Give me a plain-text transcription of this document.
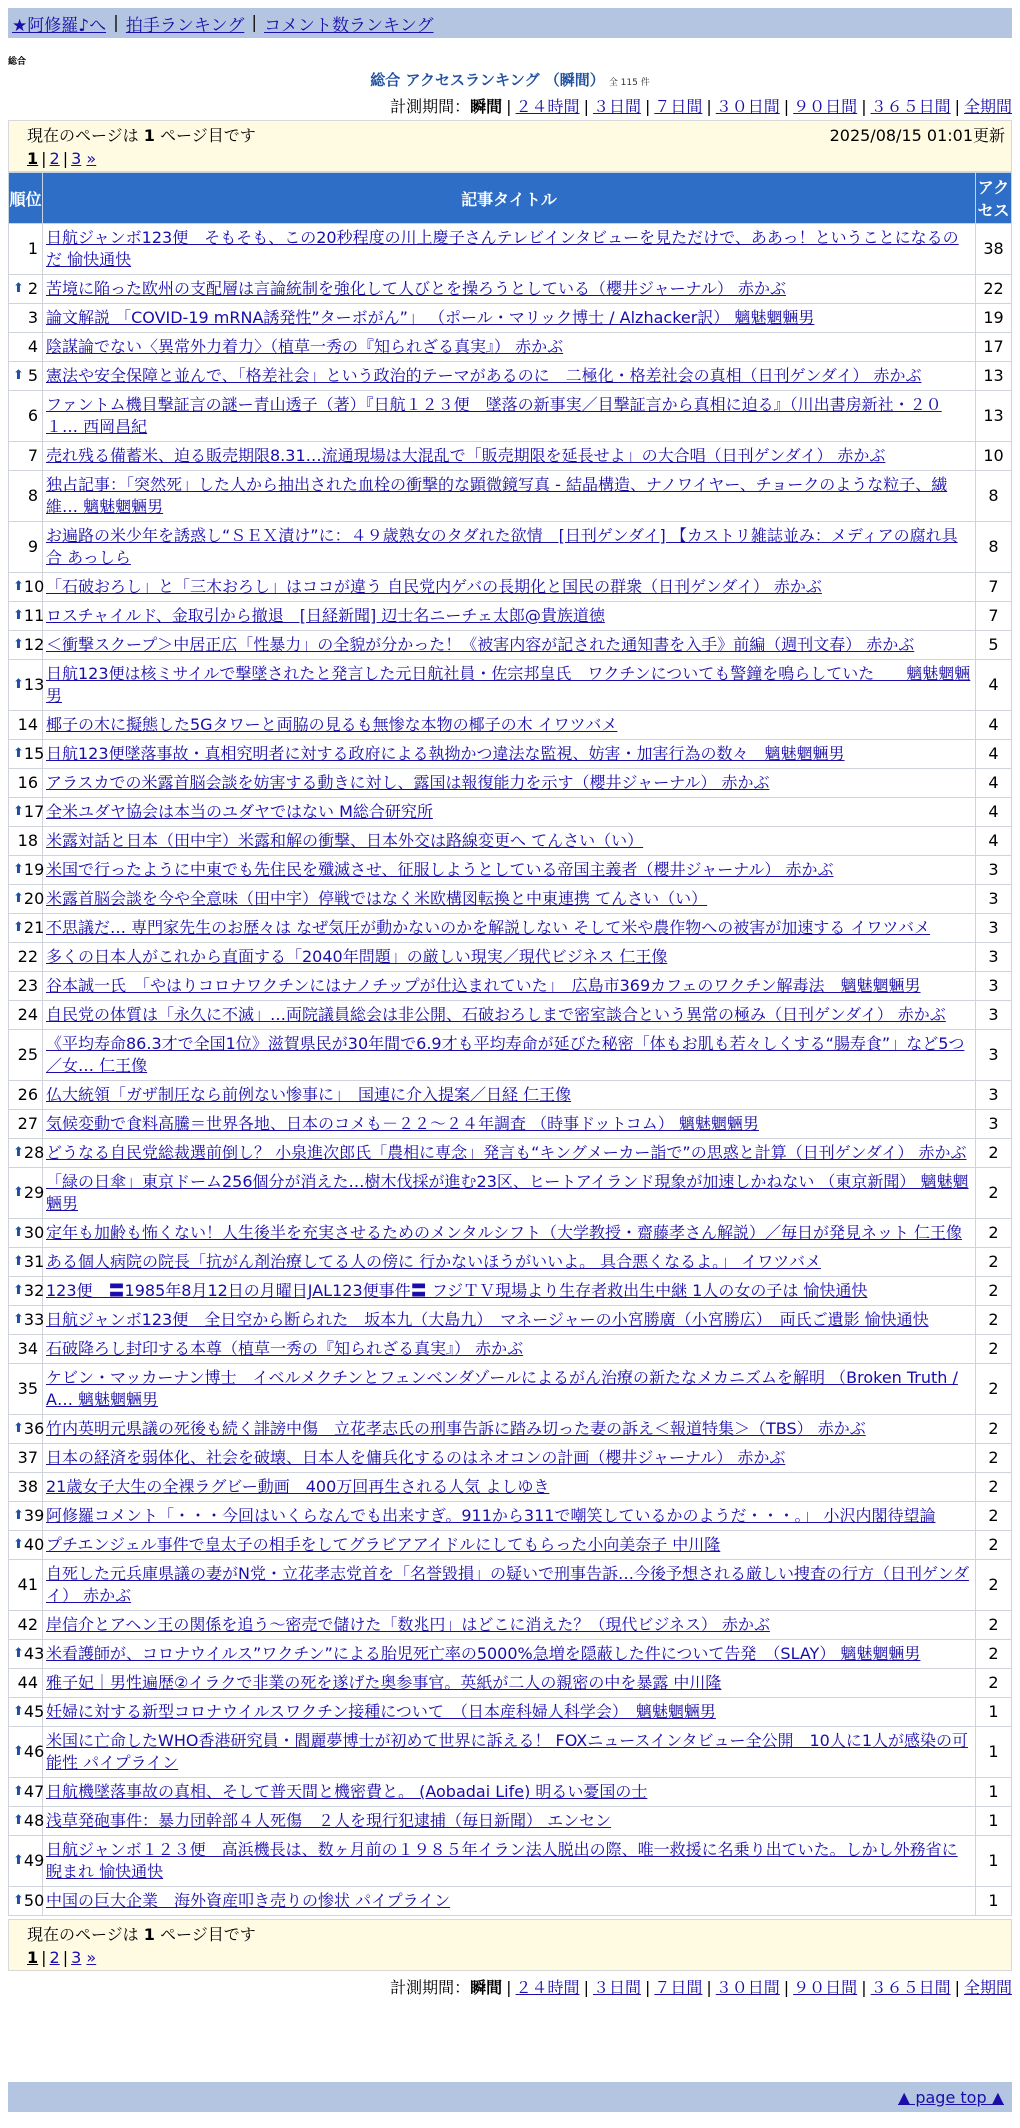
★阿修羅♪へ | 拍手ランキング | コメント数ランキング
総合
総合 アクセスランキング （瞬間） 全 115 件
計測期間：瞬間 | ２４時間 | ３日間 | ７日間 | ３０日間 | ９０日間 | ３６５日間 | 全期間
現在のページは 1 ページ目です	2025/08/15 01:01更新
1 | 2 | 3 »
順位	記事タイトル	アクセス
1	日航ジャンボ123便　そもそも、この20秒程度の川上慶子さんテレビインタビューを見ただけで、ああっ！ということになるのだ 愉快通快	38

⬆ 2	苦境に陥った欧州の支配層は言論統制を強化して人びとを操ろうとしている（櫻井ジャーナル） 赤かぶ	22
3	論文解説 「COVID-19 mRNA誘発性”ターボがん”」 （ポール・マリック博士 / Alzhacker訳） 魑魅魍魎男	19
4	陰謀論でない〈異常外力着力〉（植草一秀の『知られざる真実』） 赤かぶ	17

⬆ 5	憲法や安全保障と並んで、「格差社会」という政治的テーマがあるのに　二極化・格差社会の真相（日刊ゲンダイ） 赤かぶ	13
6	ファントム機目撃証言の謎ー青山透子（著）『日航１２３便　墜落の新事実／目撃証言から真相に迫る』（川出書房新社・２０１… 西岡昌紀	13
7	売れ残る備蓄米、迫る販売期限8.31…流通現場は大混乱で「販売期限を延長せよ」の大合唱（日刊ゲンダイ） 赤かぶ	10
8	独占記事：「突然死」した人から抽出された血栓の衝撃的な顕微鏡写真 - 結晶構造、ナノワイヤー、チョークのような粒子、繊維… 魑魅魍魎男	8
9	お遍路の米少年を誘惑し“ＳＥＸ漬け”に：４９歳熟女のタダれた欲情　[日刊ゲンダイ] 【カストリ雑誌並み：メディアの腐れ具合 あっしら	8

⬆ 10	「石破おろし」と「三木おろし」はココが違う 自民党内ゲバの長期化と国民の群衆（日刊ゲンダイ） 赤かぶ	7

⬆ 11	ロスチャイルド、金取引から撤退　[日経新聞] 辺士名ニーチェ太郎@貴族道徳	7

⬆ 12	＜衝撃スクープ＞中居正広「性暴力」の全貌が分かった！《被害内容が記された通知書を入手》前編（週刊文春） 赤かぶ	5

⬆ 13	日航123便は核ミサイルで撃墜されたと発言した元日航社員・佐宗邦皇氏　ワクチンについても警鐘を鳴らしていた　　魑魅魍魎男	4
14	椰子の木に擬態した5Gタワーと両脇の見るも無惨な本物の椰子の木 イワツバメ	4

⬆ 15	日航123便墜落事故・真相究明者に対する政府による執拗かつ違法な監視、妨害・加害行為の数々　魑魅魍魎男	4
16	アラスカでの米露首脳会談を妨害する動きに対し、露国は報復能力を示す（櫻井ジャーナル） 赤かぶ	4

⬆ 17	全米ユダヤ協会は本当のユダヤではない M総合研究所	4
18	米露対話と日本（田中宇）米露和解の衝撃、日本外交は路線変更へ てんさい（い）	4

⬆ 19	米国で行ったように中東でも先住民を殲滅させ、征服しようとしている帝国主義者（櫻井ジャーナル） 赤かぶ	3

⬆ 20	米露首脳会談を今や全意味（田中宇）停戦ではなく米欧構図転換と中東連携 てんさい（い）	3

⬆ 21	不思議だ… 専門家先生のお歴々は なぜ気圧が動かないのかを解説しない そして米や農作物への被害が加速する イワツバメ	3
22	多くの日本人がこれから直面する「2040年問題」の厳しい現実／現代ビジネス 仁王像	3
23	谷本誠一氏　「やはりコロナワクチンにはナノチップが仕込まれていた」　広島市369カフェのワクチン解毒法　魑魅魍魎男	3
24	自民党の体質は「永久に不滅」…両院議員総会は非公開、石破おろしまで密室談合という異常の極み（日刊ゲンダイ） 赤かぶ	3
25	《平均寿命86.3才で全国1位》滋賀県民が30年間で6.9才も平均寿命が延びた秘密「体もお肌も若々しくする“腸寿食”」など5つ／女… 仁王像	3
26	仏大統領「ガザ制圧なら前例ない惨事に」　国連に介入提案／日経 仁王像	3
27	気候変動で食料高騰＝世界各地、日本のコメも－２２～２４年調査 （時事ドットコム） 魑魅魍魎男	3

⬆ 28	どうなる自民党総裁選前倒し？ 小泉進次郎氏「農相に専念」発言も“キングメーカー詣で”の思惑と計算（日刊ゲンダイ） 赤かぶ	2

⬆ 29	「緑の日傘」東京ドーム256個分が消えた…樹木伐採が進む23区、ヒートアイランド現象が加速しかねない （東京新聞） 魑魅魍魎男	2

⬆ 30	定年も加齢も怖くない！人生後半を充実させるためのメンタルシフト（大学教授・齋藤孝さん解説）／毎日が発見ネット 仁王像	2

⬆ 31	ある個人病院の院長「抗がん剤治療してる人の傍に 行かないほうがいいよ。 具合悪くなるよ。」 イワツバメ	2

⬆ 32	123便　〓1985年8月12日の月曜日JAL123便事件〓 フジＴＶ現場より生存者救出生中継 1人の女の子は 愉快通快	2

⬆ 33	日航ジャンボ123便　全日空から断られた　坂本九（大島九）　マネージャーの小宮勝廣（小宮勝広）　両氏ご遺影 愉快通快	2
34	石破降ろし封印する本尊（植草一秀の『知られざる真実』） 赤かぶ	2
35	ケビン・マッカーナン博士　イベルメクチンとフェンベンダゾールによるがん治療の新たなメカニズムを解明 （Broken Truth / A… 魑魅魍魎男	2

⬆ 36	竹内英明元県議の死後も続く誹謗中傷　立花孝志氏の刑事告訴に踏み切った妻の訴え＜報道特集＞（TBS） 赤かぶ	2
37	日本の経済を弱体化、社会を破壊、日本人を傭兵化するのはネオコンの計画（櫻井ジャーナル） 赤かぶ	2
38	21歳女子大生の全裸ラグビー動画　400万回再生される人気 よしゆき	2

⬆ 39	阿修羅コメント「・・・今回はいくらなんでも出来すぎ。911から311で嘲笑しているかのようだ・・・。」 小沢内閣待望論	2

⬆ 40	プチエンジェル事件で皇太子の相手をしてグラビアアイドルにしてもらった小向美奈子 中川隆	2
41	自死した元兵庫県議の妻がN党・立花孝志党首を「名誉毀損」の疑いで刑事告訴…今後予想される厳しい捜査の行方（日刊ゲンダイ） 赤かぶ	2
42	岸信介とアヘン王の関係を追う～密売で儲けた「数兆円」はどこに消えた？（現代ビジネス） 赤かぶ	2

⬆ 43	米看護師が、コロナウイルス”ワクチン”による胎児死亡率の5000%急増を隠蔽した件について告発　（SLAY） 魑魅魍魎男	2
44	雅子妃｜男性遍歴②イラクで非業の死を遂げた奥参事官。英紙が二人の親密の中を暴露 中川隆	2

⬆ 45	妊婦に対する新型コロナウイルスワクチン接種について　（日本産科婦人科学会）　魑魅魍魎男	1

⬆ 46	米国に亡命したWHO香港研究員・閻麗夢博士が初めて世界に訴える！ FOXニュースインタビュー全公開　10人に1人が感染の可能性 パイプライン	1

⬆ 47	日航機墜落事故の真相、そして普天間と機密費と。 (Aobadai Life) 明るい憂国の士	1

⬆ 48	浅草発砲事件：暴力団幹部４人死傷　２人を現行犯逮捕（毎日新聞） エンセン	1

⬆ 49	日航ジャンボ１２３便　高浜機長は、数ヶ月前の１９８５年イラン法人脱出の際、唯一救援に名乗り出ていた。しかし外務省に睨まれ 愉快通快	1

⬆ 50	中国の巨大企業　海外資産叩き売りの惨状 パイプライン	1
現在のページは 1 ページ目です
1 | 2 | 3 »
計測期間：瞬間 | ２４時間 | ３日間 | ７日間 | ３０日間 | ９０日間 | ３６５日間 | 全期間
▲ page top ▲
